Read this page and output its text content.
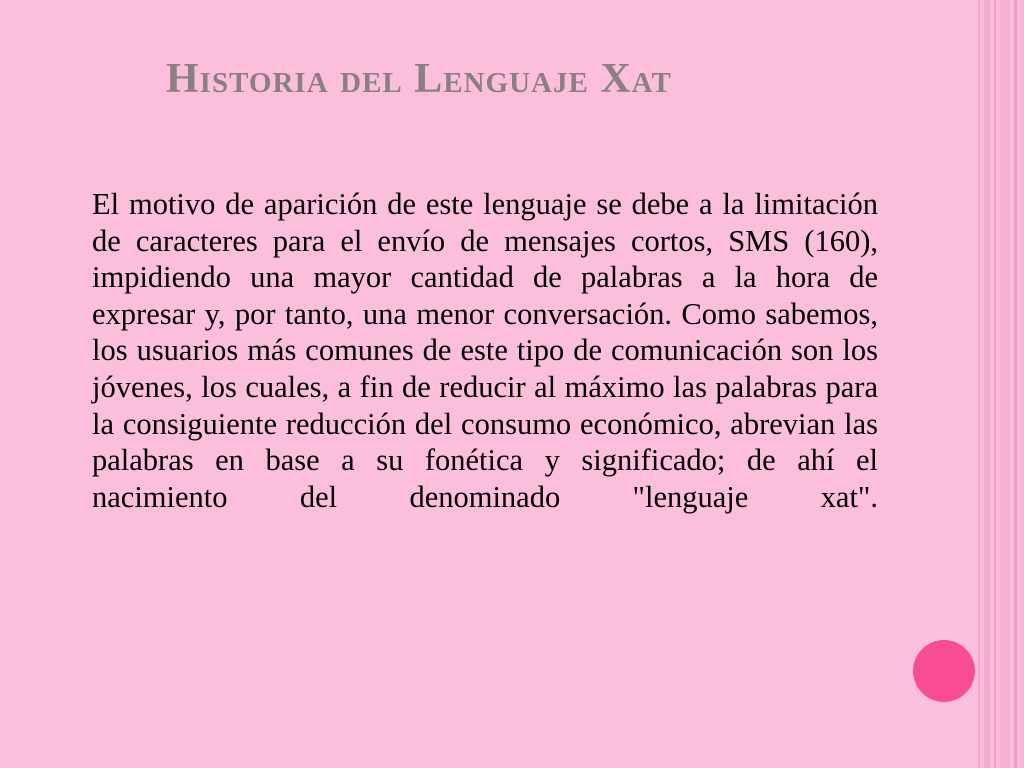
Historia del Lenguaje Xat

El motivo de aparición de este lenguaje se debe a la limitación de caracteres para el envío de mensajes cortos, SMS (160), impidiendo una mayor cantidad de palabras a la hora de expresar y, por tanto, una menor conversación. Como sabemos, los usuarios más comunes de este tipo de comunicación son los jóvenes, los cuales, a fin de reducir al máximo las palabras para la consiguiente reducción del consumo económico, abrevian las palabras en base a su fonética y significado; de ahí el nacimiento del denominado "lenguaje xat".
